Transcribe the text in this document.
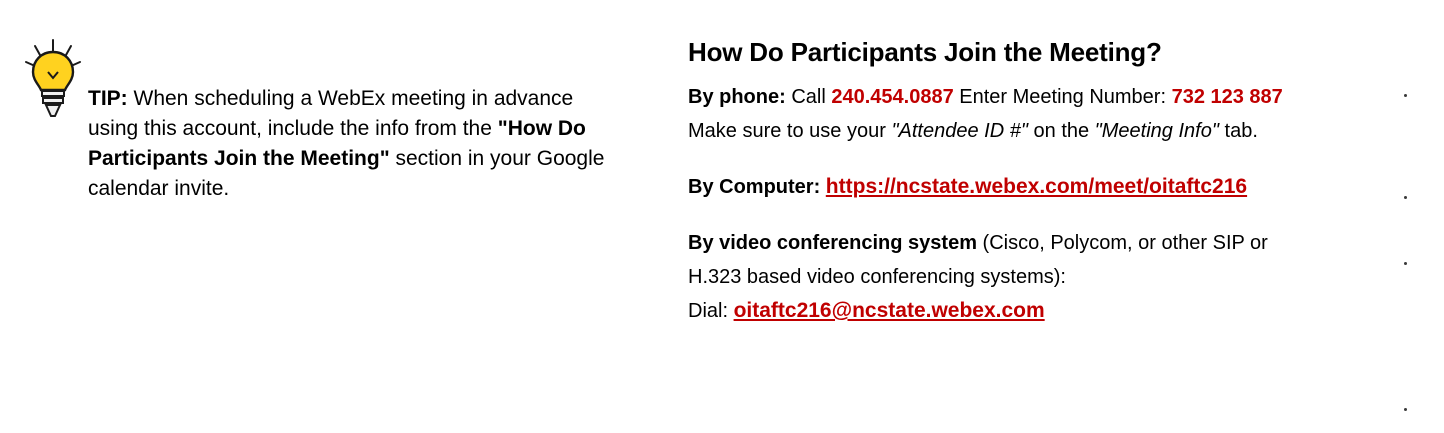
TIP: When scheduling a WebEx meeting in advance using this account, include the info from the "How Do Participants Join the Meeting" section in your Google calendar invite.
How Do Participants Join the Meeting?

By phone: Call 240.454.0887 Enter Meeting Number: 732 123 887

Make sure to use your "Attendee ID #" on the "Meeting Info" tab.

By Computer: https://ncstate.webex.com/meet/oitaftc216

By video conferencing system (Cisco, Polycom, or other SIP or

H.323 based video conferencing systems):

Dial: oitaftc216@ncstate.webex.com
